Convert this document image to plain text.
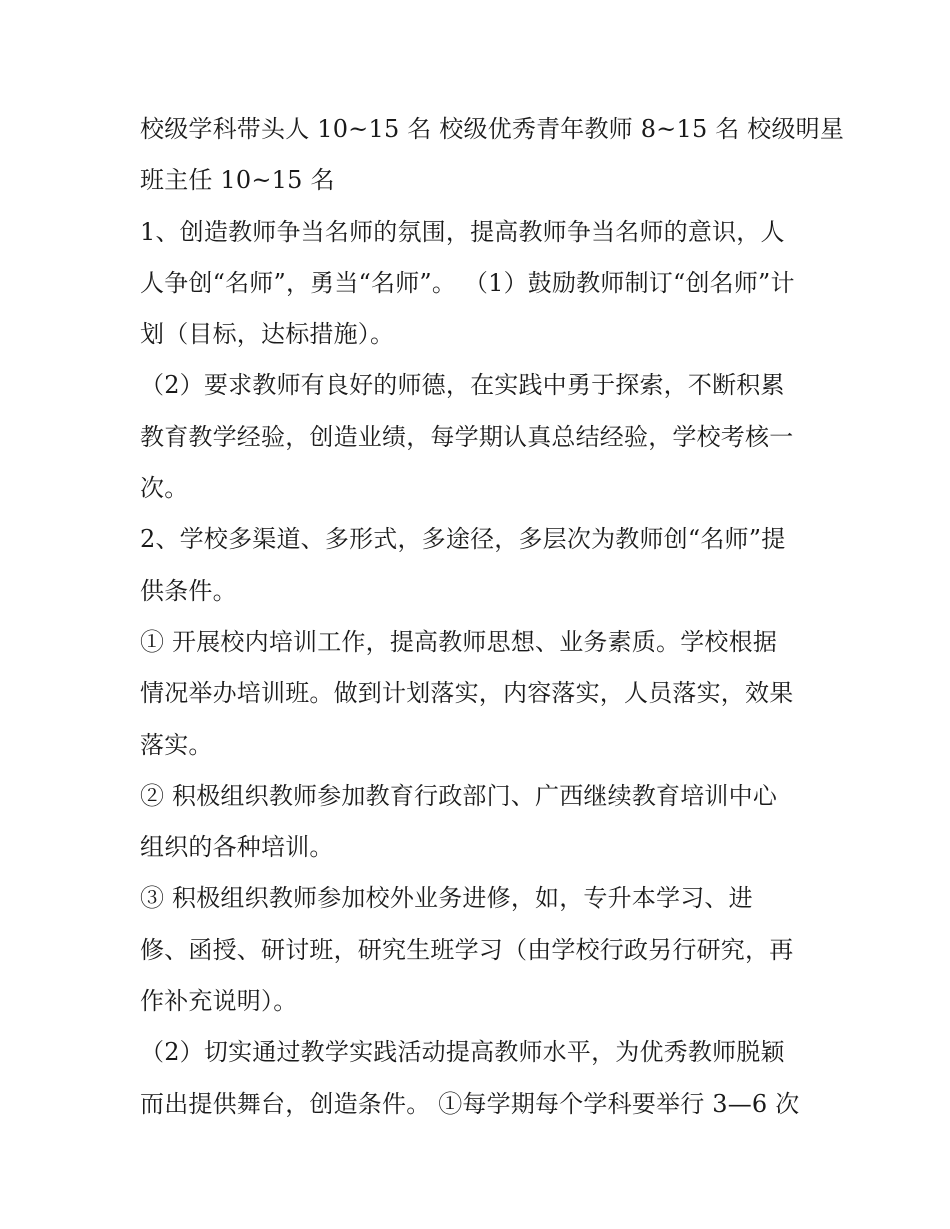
校级学科带头人 10~15 名 校级优秀青年教师 8~15 名 校级明星
班主任 10~15 名
1、创造教师争当名师的氛围，提高教师争当名师的意识，人
人争创“名师”，勇当“名师”。 （1）鼓励教师制订“创名师”计
划（目标，达标措施）。
（2）要求教师有良好的师德，在实践中勇于探索，不断积累
教育教学经验，创造业绩，每学期认真总结经验，学校考核一
次。
2、学校多渠道、多形式，多途径，多层次为教师创“名师”提
供条件。
① 开展校内培训工作，提高教师思想、业务素质。学校根据
情况举办培训班。做到计划落实，内容落实，人员落实，效果
落实。
② 积极组织教师参加教育行政部门、广西继续教育培训中心
组织的各种培训。
③ 积极组织教师参加校外业务进修，如，专升本学习、进
修、函授、研讨班，研究生班学习（由学校行政另行研究，再
作补充说明）。
（2）切实通过教学实践活动提高教师水平，为优秀教师脱颖
而出提供舞台，创造条件。 ①每学期每个学科要举行 3—6 次
